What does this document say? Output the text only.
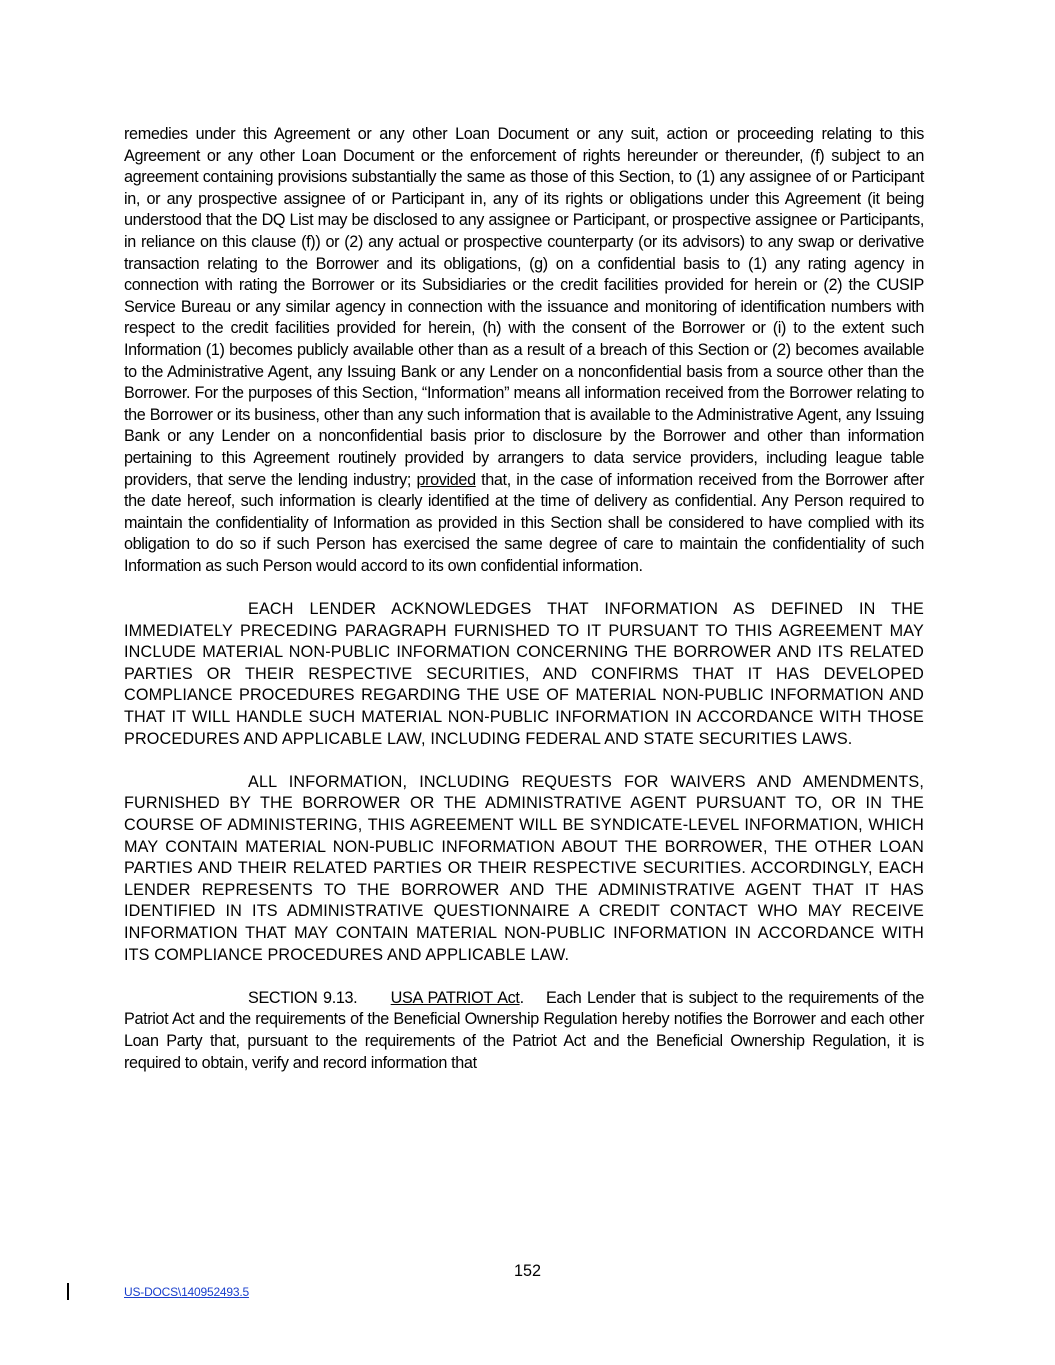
remedies under this Agreement or any other Loan Document or any suit, action or proceeding relating to this Agreement or any other Loan Document or the enforcement of rights hereunder or thereunder, (f) subject to an agreement containing provisions substantially the same as those of this Section, to (1) any assignee of or Participant in, or any prospective assignee of or Participant in, any of its rights or obligations under this Agreement (it being understood that the DQ List may be disclosed to any assignee or Participant, or prospective assignee or Participants, in reliance on this clause (f)) or (2) any actual or prospective counterparty (or its advisors) to any swap or derivative transaction relating to the Borrower and its obligations, (g) on a confidential basis to (1) any rating agency in connection with rating the Borrower or its Subsidiaries or the credit facilities provided for herein or (2) the CUSIP Service Bureau or any similar agency in connection with the issuance and monitoring of identification numbers with respect to the credit facilities provided for herein, (h) with the consent of the Borrower or (i) to the extent such Information (1) becomes publicly available other than as a result of a breach of this Section or (2) becomes available to the Administrative Agent, any Issuing Bank or any Lender on a nonconfidential basis from a source other than the Borrower. For the purposes of this Section, “Information” means all information received from the Borrower relating to the Borrower or its business, other than any such information that is available to the Administrative Agent, any Issuing Bank or any Lender on a nonconfidential basis prior to disclosure by the Borrower and other than information pertaining to this Agreement routinely provided by arrangers to data service providers, including league table providers, that serve the lending industry; provided that, in the case of information received from the Borrower after the date hereof, such information is clearly identified at the time of delivery as confidential. Any Person required to maintain the confidentiality of Information as provided in this Section shall be considered to have complied with its obligation to do so if such Person has exercised the same degree of care to maintain the confidentiality of such Information as such Person would accord to its own confidential information.

EACH LENDER ACKNOWLEDGES THAT INFORMATION AS DEFINED IN THE IMMEDIATELY PRECEDING PARAGRAPH FURNISHED TO IT PURSUANT TO THIS AGREEMENT MAY INCLUDE MATERIAL NON-PUBLIC INFORMATION CONCERNING THE BORROWER AND ITS RELATED PARTIES OR THEIR RESPECTIVE SECURITIES, AND CONFIRMS THAT IT HAS DEVELOPED COMPLIANCE PROCEDURES REGARDING THE USE OF MATERIAL NON-PUBLIC INFORMATION AND THAT IT WILL HANDLE SUCH MATERIAL NON-PUBLIC INFORMATION IN ACCORDANCE WITH THOSE PROCEDURES AND APPLICABLE LAW, INCLUDING FEDERAL AND STATE SECURITIES LAWS.

ALL INFORMATION, INCLUDING REQUESTS FOR WAIVERS AND AMENDMENTS, FURNISHED BY THE BORROWER OR THE ADMINISTRATIVE AGENT PURSUANT TO, OR IN THE COURSE OF ADMINISTERING, THIS AGREEMENT WILL BE SYNDICATE-LEVEL INFORMATION, WHICH MAY CONTAIN MATERIAL NON-PUBLIC INFORMATION ABOUT THE BORROWER, THE OTHER LOAN PARTIES AND THEIR RELATED PARTIES OR THEIR RESPECTIVE SECURITIES. ACCORDINGLY, EACH LENDER REPRESENTS TO THE BORROWER AND THE ADMINISTRATIVE AGENT THAT IT HAS IDENTIFIED IN ITS ADMINISTRATIVE QUESTIONNAIRE A CREDIT CONTACT WHO MAY RECEIVE INFORMATION THAT MAY CONTAIN MATERIAL NON-PUBLIC INFORMATION IN ACCORDANCE WITH ITS COMPLIANCE PROCEDURES AND APPLICABLE LAW.

SECTION 9.13. USA PATRIOT Act.    Each Lender that is subject to the requirements of the Patriot Act and the requirements of the Beneficial Ownership Regulation hereby notifies the Borrower and each other Loan Party that, pursuant to the requirements of the Patriot Act and the Beneficial Ownership Regulation, it is required to obtain, verify and record information that

152
US-DOCS\140952493.5
